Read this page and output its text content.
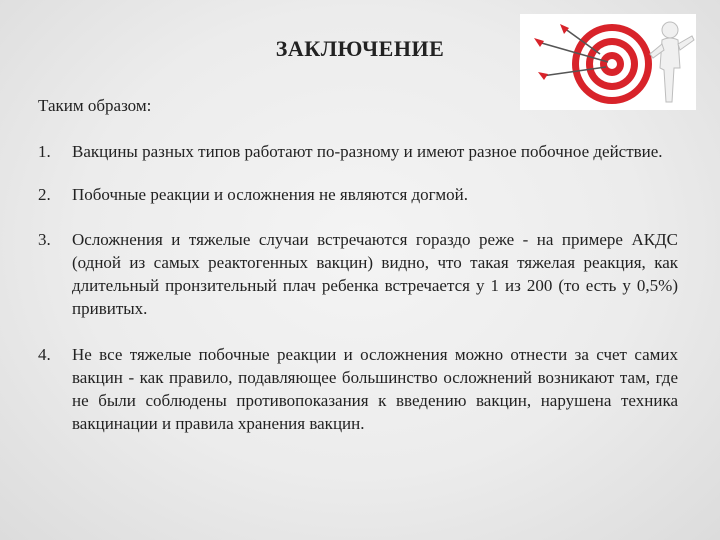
ЗАКЛЮЧЕНИЕ
Таким образом:
1. Вакцины разных типов работают по-разному и имеют разное побочное действие.
2. Побочные реакции и осложнения не являются догмой.
3. Осложнения и тяжелые случаи встречаются гораздо реже - на примере АКДС (одной из самых реактогенных вакцин) видно, что такая тяжелая реакция, как длительный пронзительный плач ребенка встречается у 1 из 200 (то есть у 0,5%) привитых.
4. Не все тяжелые побочные реакции и осложнения можно отнести за счет самих вакцин - как правило, подавляющее большинство осложнений возникают там, где не были соблюдены противопоказания к введению вакцин, нарушена техника вакцинации и правила хранения вакцин.
